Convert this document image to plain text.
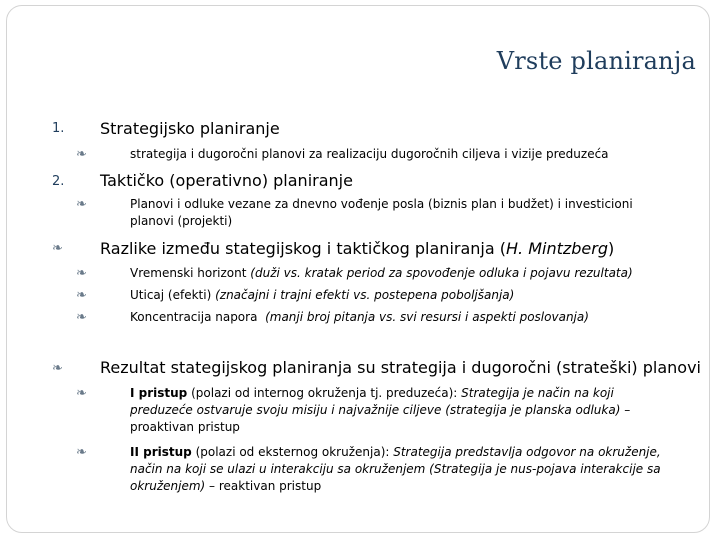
Vrste planiranja
1. Strategijsko planiranje
❧	strategija i dugoročni planovi za realizaciju dugoročnih ciljeva i vizije preduzeća
2. Taktičko (operativno) planiranje
❧	Planovi i odluke vezane za dnevno vođenje posla (biznis plan i budžet) i investicioni planovi (projekti)
❧ Razlike između stategijskog i taktičkog planiranja (H. Mintzberg)
❧	Vremenski horizont (duži vs. kratak period za spovođenje odluka i pojavu rezultata)
❧	Uticaj (efekti) (značajni i trajni efekti vs. postepena poboljšanja)
❧	Koncentracija napora (manji broj pitanja vs. svi resursi i aspekti poslovanja)
❧ Rezultat stategijskog planiranja su strategija i dugoročni (strateški) planovi
❧	I pristup (polazi od internog okruženja tj. preduzeća): Strategija je način na koji preduzeće ostvaruje svoju misiju i najvažnije ciljeve (strategija je planska odluka) –
proaktivan pristup
❧	II pristup (polazi od eksternog okruženja): Strategija predstavlja odgovor na okruženje, način na koji se ulazi u interakciju sa okruženjem (Strategija je nus-pojava interakcije sa okruženjem) – reaktivan pristup
